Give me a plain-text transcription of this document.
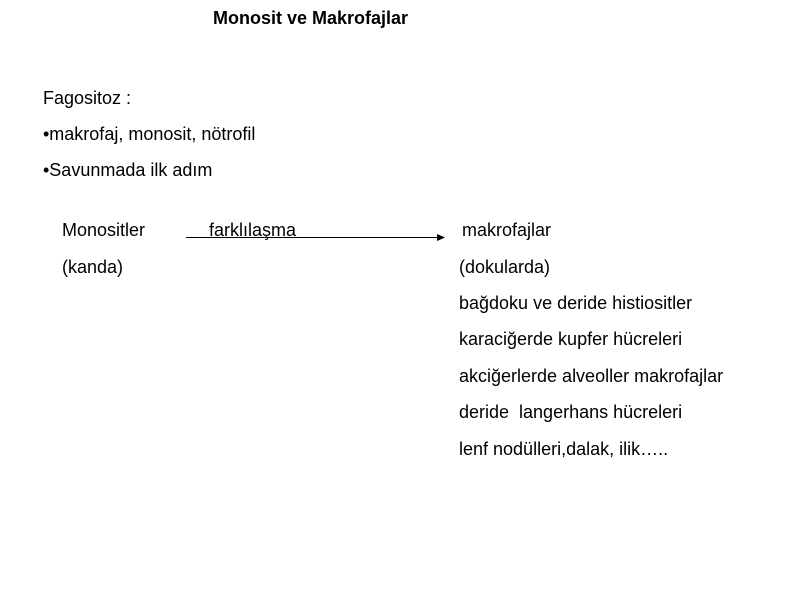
Monosit ve Makrofajlar
Fagositoz :
•makrofaj, monosit, nötrofil
•Savunmada ilk adım
Monositler	farklılaşma	makrofajlar
(kanda)	(dokularda)
bağdoku ve deride histiositler
karaciğerde kupfer hücreleri
akciğerlerde alveoller makrofajlar
deride  langerhans hücreleri
lenf nodülleri,dalak, ilik…..
